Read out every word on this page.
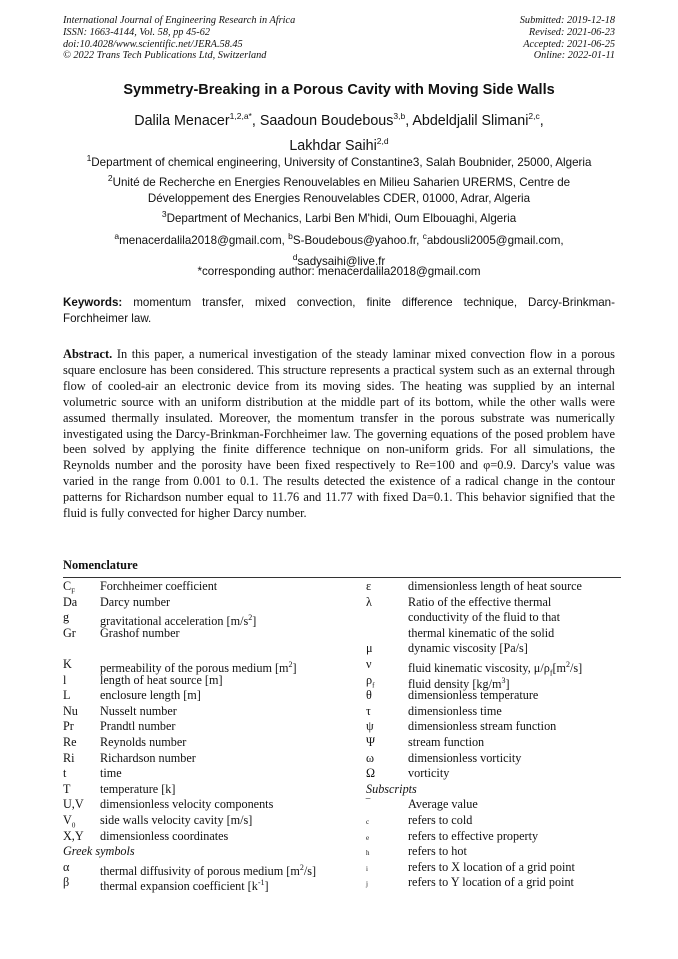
International Journal of Engineering Research in Africa
ISSN: 1663-4144, Vol. 58, pp 45-62
doi:10.4028/www.scientific.net/JERA.58.45
© 2022 Trans Tech Publications Ltd, Switzerland
Submitted: 2019-12-18
Revised: 2021-06-23
Accepted: 2021-06-25
Online: 2022-01-11
Symmetry-Breaking in a Porous Cavity with Moving Side Walls
Dalila Menacer$^{1,2,a*}$, Saadoun Boudebous$^{3,b}$, Abdeldjalil Slimani$^{2,c}$,
Lakhdar Saihi$^{2,d}$
$^1$Department of chemical engineering, University of Constantine3, Salah Boubnider, 25000, Algeria
$^2$Unité de Recherche en Energies Renouvelables en Milieu Saharien URERMS, Centre de Développement des Energies Renouvelables CDER, 01000, Adrar, Algeria
$^3$Department of Mechanics, Larbi Ben M'hidi, Oum Elbouaghi, Algeria
$^a$menacerdalila2018@gmail.com, $^b$S-Boudebous@yahoo.fr, $^c$abdousli2005@gmail.com,
$^d$sadysaihi@live.fr
*corresponding author: menacerdalila2018@gmail.com
Keywords: momentum transfer, mixed convection, finite difference technique, Darcy-Brinkman-Forchheimer law.
Abstract. In this paper, a numerical investigation of the steady laminar mixed convection flow in a porous square enclosure has been considered. This structure represents a practical system such as an external through flow of cooled-air an electronic device from its moving sides. The heating was supplied by an internal volumetric source with an uniform distribution at the middle part of its bottom, while the other walls were assumed thermally insulated. Moreover, the momentum transfer in the porous substrate was numerically investigated using the Darcy-Brinkman-Forchheimer law. The governing equations of the posed problem have been solved by applying the finite difference technique on non-uniform grids. For all simulations, the Reynolds number and the porosity have been fixed respectively to Re=100 and φ=0.9. Darcy's value was varied in the range from 0.001 to 0.1. The results detected the existence of a radical change in the contour patterns for Richardson number equal to 11.76 and 11.77 with fixed Da=0.1. This behavior signified that the fluid is fully convected for higher Darcy number.
Nomenclature
$C_F$ Forchheimer coefficient	ε	dimensionless length of heat source
Da Darcy number	λ	Ratio of the effective thermal
g	gravitational acceleration $[m/s^2]$	conductivity of the fluid to that
Gr Grashof number	thermal kinematic of the solid
μ	dynamic viscosity [Pa/s]
K permeability of the porous medium $[m^2]$	ν	fluid kinematic viscosity, $\mu/\rho_f[m^2/s]$
l	length of heat source [m]	$\rho_f$	fluid density $[kg/m^3]$
L enclosure length [m]	θ	dimensionless temperature
Nu Nusselt number	τ	dimensionless time
Pr Prandtl number	ψ	dimensionless stream function
Re Reynolds number	Ψ	stream function
Ri Richardson number	ω	dimensionless vorticity
t	time	Ω	vorticity
T temperature [k]	Subscripts
U,V dimensionless velocity components	‾	Average value
$V_0$ side walls velocity cavity [m/s]	c	refers to cold
X,Y dimensionless coordinates	e	refers to effective property
Greek symbols	h	refers to hot
α	thermal diffusivity of porous medium $[m^2/s]$	i	refers to X location of a grid point
β	thermal expansion coefficient $[k^{-1}]$	j	refers to Y location of a grid point
